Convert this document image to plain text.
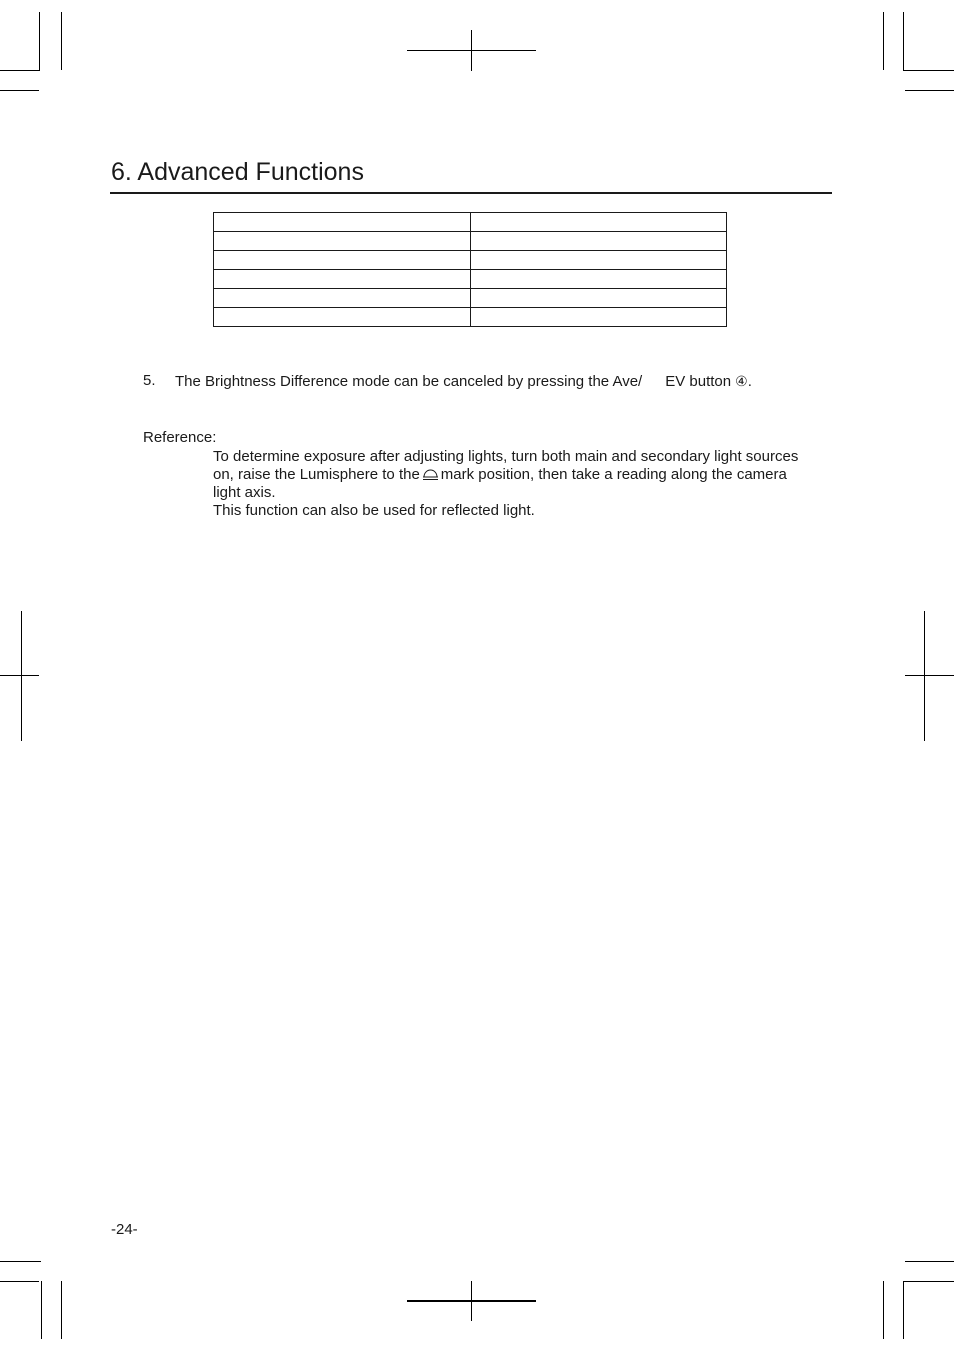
6. Advanced Functions

5. The Brightness Difference mode can be canceled by pressing the Ave/ EV button ④.
Reference:

To determine exposure after adjusting lights, turn both main and secondary light sources

on, raise the Lumisphere to the mark position, then take a reading along the camera

light axis.

This function can also be used for reflected light.

-24-
